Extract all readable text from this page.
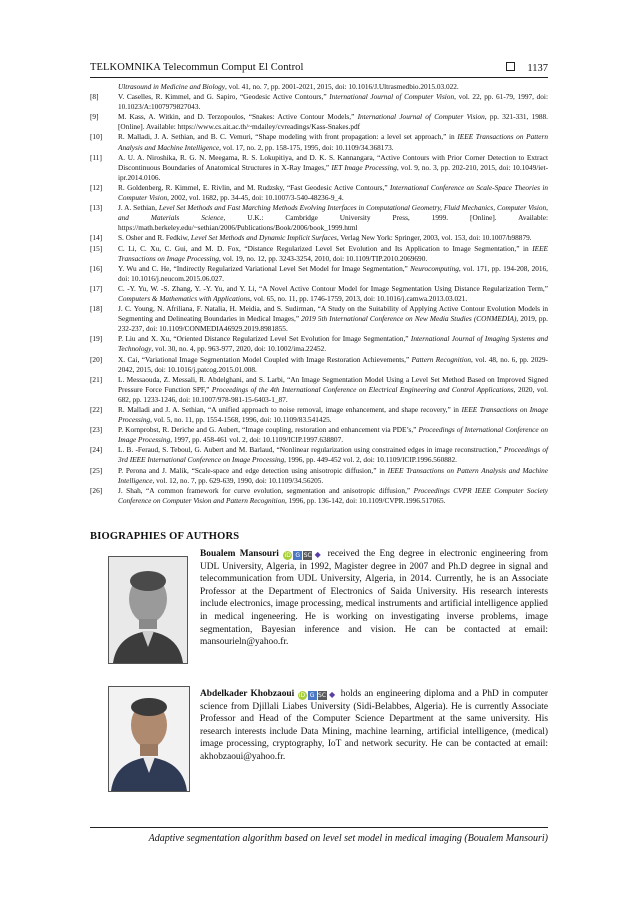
TELKOMNIKA Telecommun Comput El Control	1137
Ultrasound in Medicine and Biology, vol. 41, no. 7, pp. 2001-2021, 2015, doi: 10.1016/J.Ultrasmedbio.2015.03.022.
[8]	V. Caselles, R. Kimmel, and G. Sapiro, “Geodesic Active Contours,” International Journal of Computer Vision, vol. 22, pp. 61-79, 1997, doi: 10.1023/A:1007979827043.
[9]	M. Kass, A. Witkin, and D. Terzopoulos, “Snakes: Active Contour Models,” International Journal of Computer Vision, pp. 321-331, 1988. [Online]. Available: https://www.cs.ait.ac.th/~mdailey/cvreadings/Kass-Snakes.pdf
[10]	R. Malladi, J. A. Sethian, and B. C. Vemuri, “Shape modeling with front propagation: a level set approach,” in IEEE Transactions on Pattern Analysis and Machine Intelligence, vol. 17, no. 2, pp. 158-175, 1995, doi: 10.1109/34.368173.
[11]	A. U. A. Niroshika, R. G. N. Meegama, R. S. Lokupitiya, and D. K. S. Kannangara, “Active Contours with Prior Corner Detection to Extract Discontinuous Boundaries of Anatomical Structures in X-Ray Images,” IET Image Processing, vol. 9, no. 3, pp. 202-210, 2015, doi: 10.1049/iet-ipr.2014.0106.
[12]	R. Goldenberg, R. Kimmel, E. Rivlin, and M. Rudzsky, “Fast Geodesic Active Contours,” International Conference on Scale-Space Theories in Computer Vision, 2002, vol. 1682, pp. 34-45, doi: 10.1007/3-540-48236-9_4.
[13]	J. A. Sethian, Level Set Methods and Fast Marching Methods Evolving Interfaces in Computational Geometry, Fluid Mechanics, Computer Vision, and Materials Science, U.K.: Cambridge University Press, 1999. [Online]. Available: https://math.berkeley.edu/~sethian/2006/Publications/Book/2006/book_1999.html
[14]	S. Osher and R. Fedkiw, Level Set Methods and Dynamic Implicit Surfaces, Verlag New York: Springer, 2003, vol. 153, doi: 10.1007/b98879.
[15]	C. Li, C. Xu, C. Gui, and M. D. Fox, “Distance Regularized Level Set Evolution and Its Application to Image Segmentation,” in IEEE Transactions on Image Processing, vol. 19, no. 12, pp. 3243-3254, 2010, doi: 10.1109/TIP.2010.2069690.
[16]	Y. Wu and C. He, “Indirectly Regularized Variational Level Set Model for Image Segmentation,” Neurocomputing, vol. 171, pp. 194-208, 2016, doi: 10.1016/j.neucom.2015.06.027.
[17]	C. -Y. Yu, W. -S. Zhang, Y. -Y. Yu, and Y. Li, “A Novel Active Contour Model for Image Segmentation Using Distance Regularization Term,” Computers & Mathematics with Applications, vol. 65, no. 11, pp. 1746-1759, 2013, doi: 10.1016/j.camwa.2013.03.021.
[18]	J. C. Young, N. Afriliana, F. Natalia, H. Meidia, and S. Sudirman, “A Study on the Suitability of Applying Active Contour Evolution Models in Segmenting and Delineating Boundaries in Medical Images,” 2019 5th International Conference on New Media Studies (CONMEDIA), 2019, pp. 232-237, doi: 10.1109/CONMEDIA46929.2019.8981855.
[19]	P. Liu and X. Xu, “Oriented Distance Regularized Level Set Evolution for Image Segmentation,” International Journal of Imaging Systems and Technology, vol. 30, no. 4, pp. 963-977, 2020, doi: 10.1002/ima.22452.
[20]	X. Cai, “Variational Image Segmentation Model Coupled with Image Restoration Achievements,” Pattern Recognition, vol. 48, no. 6, pp. 2029-2042, 2015, doi: 10.1016/j.patcog.2015.01.008.
[21]	L. Messaouda, Z. Messali, R. Abdelghani, and S. Larbi, “An Image Segmentation Model Using a Level Set Method Based on Improved Signed Pressure Force Function SPF,” Proceedings of the 4th International Conference on Electrical Engineering and Control Applications, 2020, vol. 682, pp. 1233-1246, doi: 10.1007/978-981-15-6403-1_87.
[22]	R. Malladi and J. A. Sethian, “A unified approach to noise removal, image enhancement, and shape recovery,” in IEEE Transactions on Image Processing, vol. 5, no. 11, pp. 1554-1568, 1996, doi: 10.1109/83.541425.
[23]	P. Kornprobst, R. Deriche and G. Aubert, “Image coupling, restoration and enhancement via PDE’s,” Proceedings of International Conference on Image Processing, 1997, pp. 458-461 vol. 2, doi: 10.1109/ICIP.1997.638807.
[24]	L. B. -Feraud, S. Teboul, G. Aubert and M. Barlaud, “Nonlinear regularization using constrained edges in image reconstruction,” Proceedings of 3rd IEEE International Conference on Image Processing, 1996, pp. 449-452 vol. 2, doi: 10.1109/ICIP.1996.560882.
[25]	P. Perona and J. Malik, “Scale-space and edge detection using anisotropic diffusion,” in IEEE Transactions on Pattern Analysis and Machine Intelligence, vol. 12, no. 7, pp. 629-639, 1990, doi: 10.1109/34.56205.
[26]	J. Shah, “A common framework for curve evolution, segmentation and anisotropic diffusion,” Proceedings CVPR IEEE Computer Society Conference on Computer Vision and Pattern Recognition, 1996, pp. 136-142, doi: 10.1109/CVPR.1996.517065.
BIOGRAPHIES OF AUTHORS
Boualem Mansouri iD G SC ◆ received the Eng degree in electronic engineering from UDL University, Algeria, in 1992, Magister degree in 2007 and Ph.D degree in signal and telecommunication from UDL University, Algeria, in 2014. Currently, he is an Associate Professor at the Department of Electronics of Saida University. His research interests include electronics, image processing, medical instruments and artificial intelligence applied in medical ingeneering. He is working on investigating inverse problems, image segmentation, Bayesian inference and vision. He can be contacted at email: mansourieln@yahoo.fr.
Abdelkader Khobzaoui iD G SC ◆ holds an engineering diploma and a PhD in computer science from Djillali Liabes University (Sidi-Belabbes, Algeria). He is currently Associate Professor and Head of the Computer Science Department at the same university. His research interests include Data Mining, machine learning, artificial intelligence, (medical) image processing, cryptography, IoT and network security. He can be contacted at email: akhobzaoui@yahoo.fr.
Adaptive segmentation algorithm based on level set model in medical imaging (Boualem Mansouri)
